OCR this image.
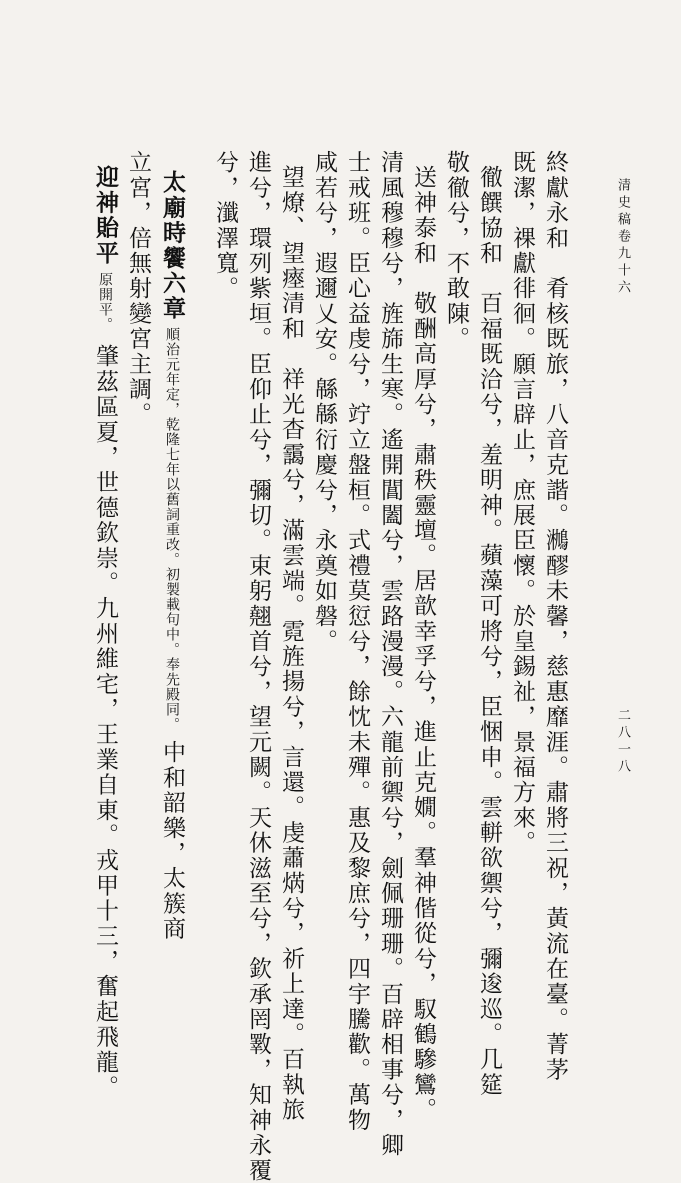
清史稿卷九十六
二八一八
終獻永和　肴核既旅，八音克諧。𤄄醪未馨，慈惠靡涯。肅將三祝，黃流在臺。菁茅
既潔，祼獻徘徊。願言辟止，庶展臣懷。於皇錫祉，景福方來。
徹饌協和　百福既洽兮，羞明神。蘋藻可將兮，臣悃申。雲軿欲禦兮，彌逡巡。几筵
敬徹兮，不敢陳。
送神泰和　敬酬高厚兮，肅秩靈壇。居歆幸孚兮，進止克嫺。羣神偕從兮，馭鶴驂鸞。
清風穆穆兮，旌旆生寒。遙開閶闔兮，雲路漫漫。六龍前禦兮，劍佩珊珊。百辟相事兮，卿
士戒班。臣心益虔兮，竚立盤桓。式禮莫愆兮，餘忱未殫。惠及黎庶兮，四宇騰歡。萬物
咸若兮，遐邇乂安。緜緜衍慶兮，永奠如磐。
望燎、望瘞清和　祥光杳靄兮，滿雲端。霓旌揚兮，言還。虔蕭焫兮，祈上達。百執旅
進兮，環列紫垣。臣仰止兮，彌切。束躬翹首兮，望元闕。天休滋至兮，欽承罔斁，知神永覆
兮，瀸澤寬。
太廟時饗六章順治元年定，乾隆七年以舊詞重改。初製載句中。奉先殿同。中和韶樂，太簇商
立宮，倍無射變宮主調。
迎神貽平原開平。肇茲區夏，世德欽崇。九州維宅，王業自東。戎甲十三，奮起飛龍。
